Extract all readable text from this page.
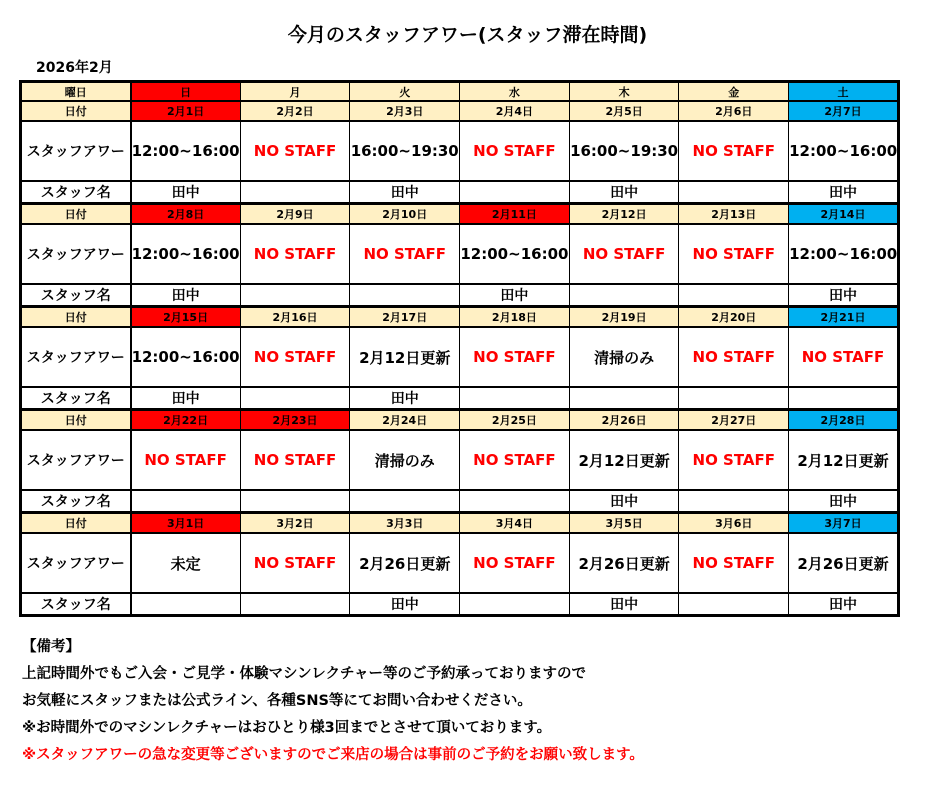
今月のスタッフアワー(スタッフ滞在時間)
2026年2月
曜日	日	月	火	水	木	金	土
日付	2月1日	2月2日	2月3日	2月4日	2月5日	2月6日	2月7日
スタッフアワー	12:00~16:00	NO STAFF	16:00~19:30	NO STAFF	16:00~19:30	NO STAFF	12:00~16:00
スタッフ名	田中		田中		田中		田中
日付	2月8日	2月9日	2月10日	2月11日	2月12日	2月13日	2月14日
スタッフアワー	12:00~16:00	NO STAFF	NO STAFF	12:00~16:00	NO STAFF	NO STAFF	12:00~16:00
スタッフ名	田中			田中			田中
日付	2月15日	2月16日	2月17日	2月18日	2月19日	2月20日	2月21日
スタッフアワー	12:00~16:00	NO STAFF	2月12日更新	NO STAFF	清掃のみ	NO STAFF	NO STAFF
スタッフ名	田中		田中				
日付	2月22日	2月23日	2月24日	2月25日	2月26日	2月27日	2月28日
スタッフアワー	NO STAFF	NO STAFF	清掃のみ	NO STAFF	2月12日更新	NO STAFF	2月12日更新
スタッフ名					田中		田中
日付	3月1日	3月2日	3月3日	3月4日	3月5日	3月6日	3月7日
スタッフアワー	未定	NO STAFF	2月26日更新	NO STAFF	2月26日更新	NO STAFF	2月26日更新
スタッフ名			田中		田中		田中
【備考】
上記時間外でもご入会・ご見学・体験マシンレクチャー等のご予約承っておりますので
お気軽にスタッフまたは公式ライン、各種SNS等にてお問い合わせください。
※お時間外でのマシンレクチャーはおひとり様3回までとさせて頂いております。
※スタッフアワーの急な変更等ございますのでご来店の場合は事前のご予約をお願い致します。
